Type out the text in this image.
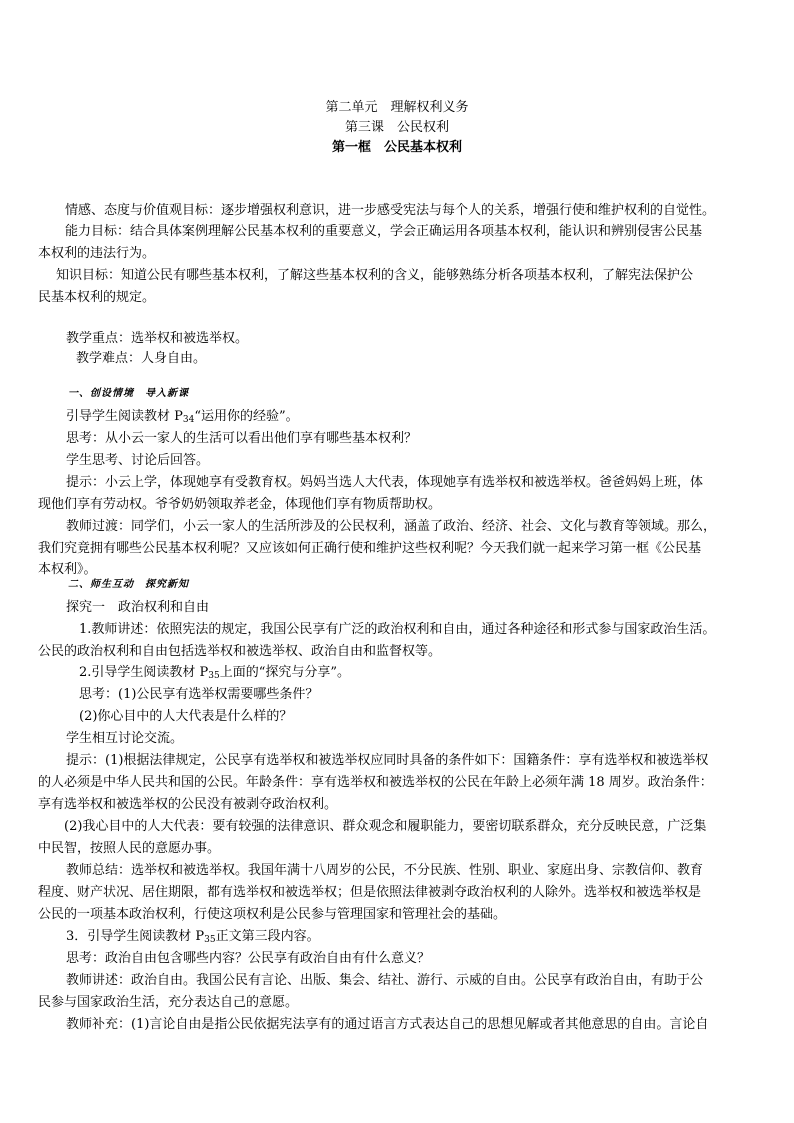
第二单元　理解权利义务
第三课　公民权利
第一框　公民基本权利
情感、态度与价值观目标：逐步增强权利意识，进一步感受宪法与每个人的关系，增强行使和维护权利的自觉性。
能力目标：结合具体案例理解公民基本权利的重要意义，学会正确运用各项基本权利，能认识和辨别侵害公民基
本权利的违法行为。
知识目标：知道公民有哪些基本权利，了解这些基本权利的含义，能够熟练分析各项基本权利，了解宪法保护公
民基本权利的规定。
教学重点：选举权和被选举权。
教学难点：人身自由。
一、创设情境　导入新课
引导学生阅读教材 $P_{34}“$运用你的经验”。
思考：从小云一家人的生活可以看出他们享有哪些基本权利？
学生思考、讨论后回答。
提示：小云上学，体现她享有受教育权。妈妈当选人大代表，体现她享有选举权和被选举权。爸爸妈妈上班，体
现他们享有劳动权。爷爷奶奶领取养老金，体现他们享有物质帮助权。
教师过渡：同学们，小云一家人的生活所涉及的公民权利，涵盖了政治、经济、社会、文化与教育等领域。那么，
我们究竟拥有哪些公民基本权利呢？又应该如何正确行使和维护这些权利呢？今天我们就一起来学习第一框《公民基
本权利》。
二、师生互动　探究新知
探究一　政治权利和自由
1.教师讲述：依照宪法的规定，我国公民享有广泛的政治权利和自由，通过各种途径和形式参与国家政治生活。
公民的政治权利和自由包括选举权和被选举权、政治自由和监督权等。
2.引导学生阅读教材 $P_{35}$上面的“探究与分享”。
思考：(1)公民享有选举权需要哪些条件？
(2)你心目中的人大代表是什么样的？
学生相互讨论交流。
提示：(1)根据法律规定，公民享有选举权和被选举权应同时具备的条件如下：国籍条件：享有选举权和被选举权
的人必须是中华人民共和国的公民。年龄条件：享有选举权和被选举权的公民在年龄上必须年满 18 周岁。政治条件：
享有选举权和被选举权的公民没有被剥夺政治权利。
(2)我心目中的人大代表：要有较强的法律意识、群众观念和履职能力，要密切联系群众，充分反映民意，广泛集
中民智，按照人民的意愿办事。
教师总结：选举权和被选举权。我国年满十八周岁的公民，不分民族、性别、职业、家庭出身、宗教信仰、教育
程度、财产状况、居住期限，都有选举权和被选举权；但是依照法律被剥夺政治权利的人除外。选举权和被选举权是
公民的一项基本政治权利，行使这项权利是公民参与管理国家和管理社会的基础。
3．引导学生阅读教材 $P_{35}$正文第三段内容。
思考：政治自由包含哪些内容？公民享有政治自由有什么意义？
教师讲述：政治自由。我国公民有言论、出版、集会、结社、游行、示威的自由。公民享有政治自由，有助于公
民参与国家政治生活，充分表达自己的意愿。
教师补充：(1)言论自由是指公民依据宪法享有的通过语言方式表达自己的思想见解或者其他意思的自由。言论自
